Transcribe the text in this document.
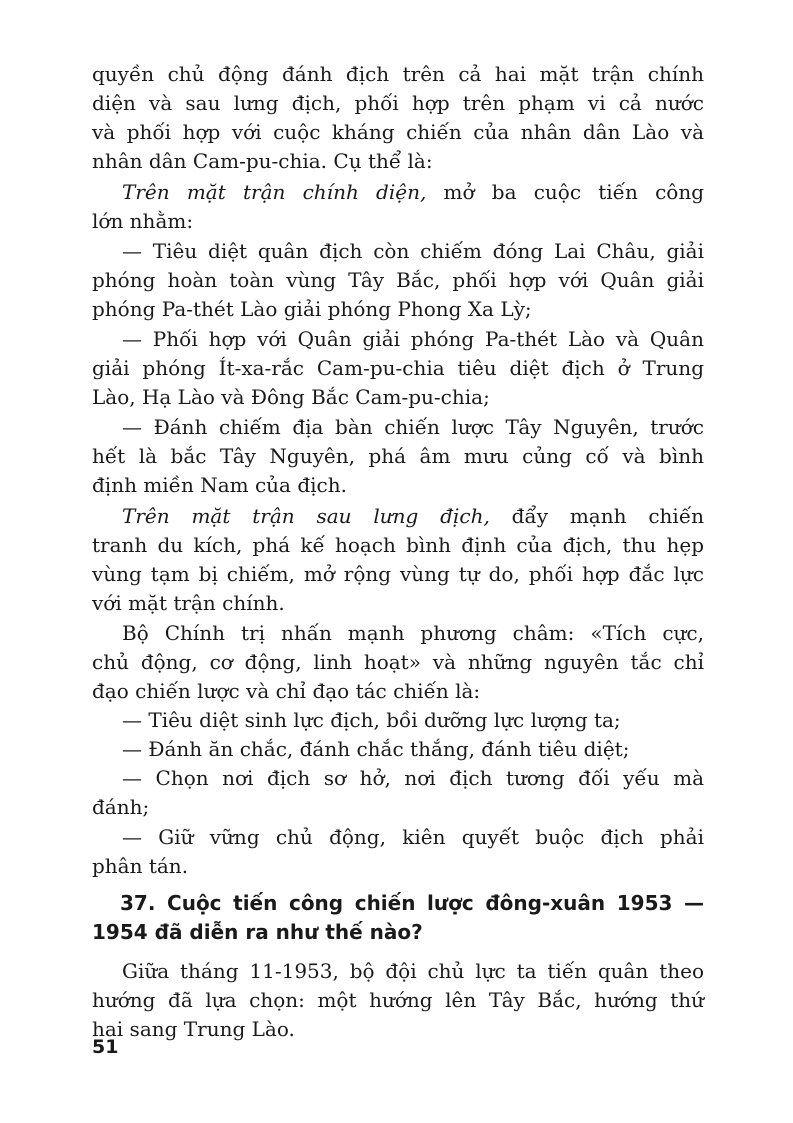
quyền chủ động đánh địch trên cả hai mặt trận chính
diện và sau lưng địch, phối hợp trên phạm vi cả nước
và phối hợp với cuộc kháng chiến của nhân dân Lào và
nhân dân Cam-pu-chia. Cụ thể là:
Trên mặt trận chính diện, mở ba cuộc tiến công
lớn nhằm:
— Tiêu diệt quân địch còn chiếm đóng Lai Châu, giải
phóng hoàn toàn vùng Tây Bắc, phối hợp với Quân giải
phóng Pa-thét Lào giải phóng Phong Xa Lỳ;
— Phối hợp với Quân giải phóng Pa-thét Lào và Quân
giải phóng Ít-xa-rắc Cam-pu-chia tiêu diệt địch ở Trung
Lào, Hạ Lào và Đông Bắc Cam-pu-chia;
— Đánh chiếm địa bàn chiến lược Tây Nguyên, trước
hết là bắc Tây Nguyên, phá âm mưu củng cố và bình
định miền Nam của địch.
Trên mặt trận sau lưng địch, đẩy mạnh chiến
tranh du kích, phá kế hoạch bình định của địch, thu hẹp
vùng tạm bị chiếm, mở rộng vùng tự do, phối hợp đắc lực
với mặt trận chính.
Bộ Chính trị nhấn mạnh phương châm: «Tích cực,
chủ động, cơ động, linh hoạt» và những nguyên tắc chỉ
đạo chiến lược và chỉ đạo tác chiến là:
— Tiêu diệt sinh lực địch, bồi dưỡng lực lượng ta;
— Đánh ăn chắc, đánh chắc thắng, đánh tiêu diệt;
— Chọn nơi địch sơ hở, nơi địch tương đối yếu mà
đánh;
— Giữ vững chủ động, kiên quyết buộc địch phải
phân tán.
37. Cuộc tiến công chiến lược đông-xuân 1953 —
1954 đã diễn ra như thế nào?
Giữa tháng 11-1953, bộ đội chủ lực ta tiến quân theo
hướng đã lựa chọn: một hướng lên Tây Bắc, hướng thứ
hai sang Trung Lào.
51
